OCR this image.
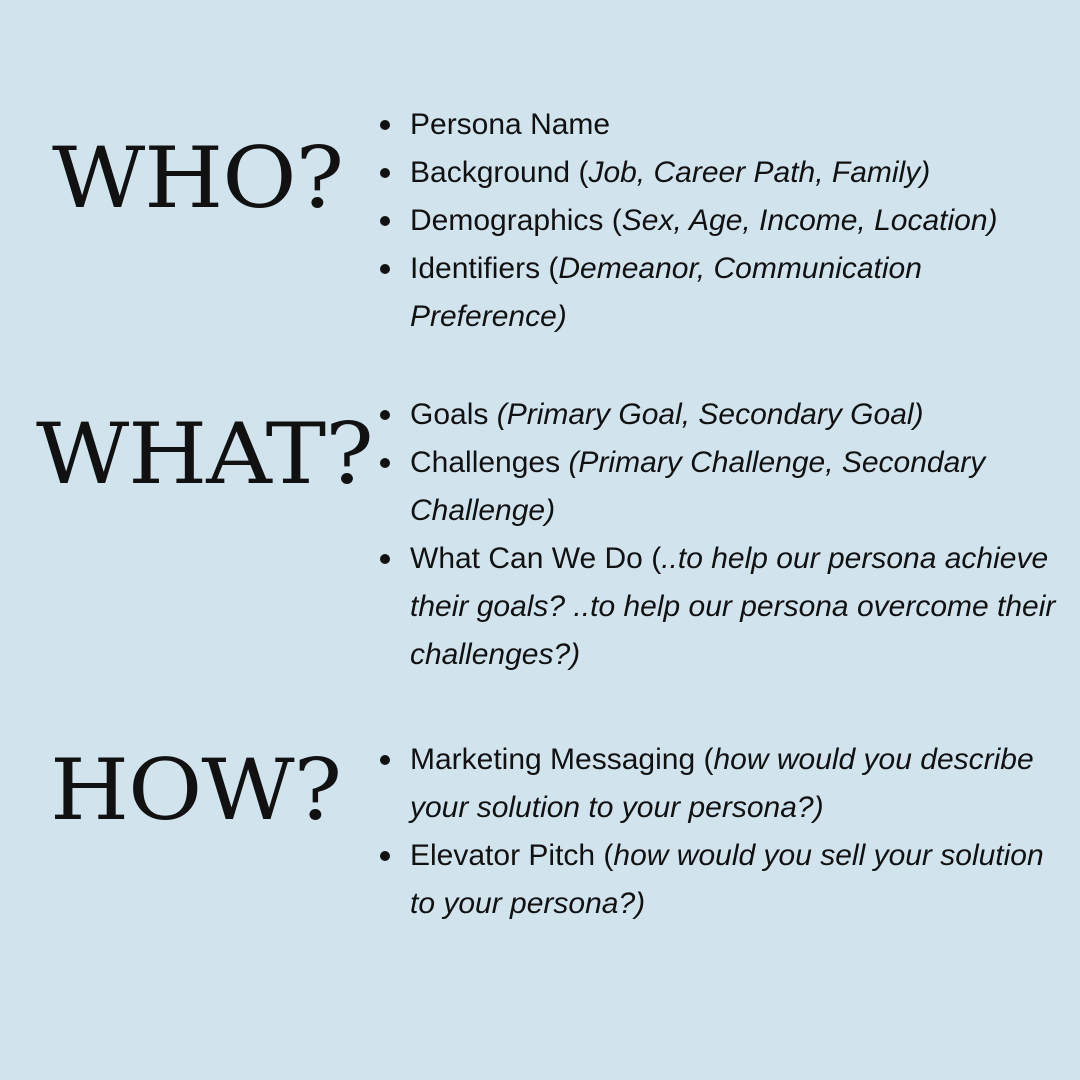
WHO?
Persona Name
Background (Job, Career Path, Family)
Demographics (Sex, Age, Income, Location)
Identifiers (Demeanor, Communication Preference)
WHAT?	Goals (Primary Goal, Secondary Goal)
Challenges (Primary Challenge, Secondary Challenge)
What Can We Do (..to help our persona achieve their goals? ..to help our persona overcome their challenges?)
HOW?	Marketing Messaging (how would you describe your solution to your persona?)
Elevator Pitch (how would you sell your solution to your persona?)
